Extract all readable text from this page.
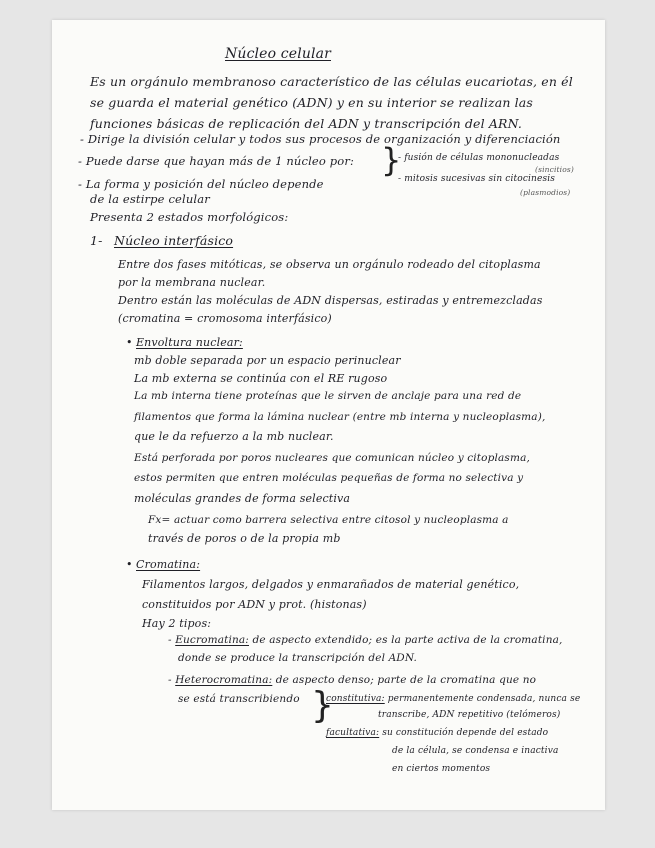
Núcleo celular
Es un orgánulo membranoso característico de las células eucariotas, en él
se guarda el material genético (ADN) y en su interior se realizan las
funciones básicas de replicación del ADN y transcripción del ARN.
- Dirige la división celular y todos sus procesos de organización y diferenciación
- Puede darse que hayan más de 1 núcleo por: }
- fusión de células mononucleadas
(sincitios)
- mitosis sucesivas sin citocinesis
(plasmodios)
- La forma y posición del núcleo depende
de la estirpe celular
Presenta 2 estados morfológicos:
1- Núcleo interfásico
Entre dos fases mitóticas, se observa un orgánulo rodeado del citoplasma
por la membrana nuclear.
Dentro están las moléculas de ADN dispersas, estiradas y entremezcladas
(cromatina = cromosoma interfásico)
• Envoltura nuclear:
mb doble separada por un espacio perinuclear
La mb externa se continúa con el RE rugoso
La mb interna tiene proteínas que le sirven de anclaje para una red de
filamentos que forma la lámina nuclear (entre mb interna y nucleoplasma),
que le da refuerzo a la mb nuclear.
Está perforada por poros nucleares que comunican núcleo y citoplasma,
estos permiten que entren moléculas pequeñas de forma no selectiva y
moléculas grandes de forma selectiva
Fx= actuar como barrera selectiva entre citosol y nucleoplasma a
través de poros o de la propia mb
• Cromatina:
Filamentos largos, delgados y enmarañados de material genético,
constituidos por ADN y prot. (histonas)
Hay 2 tipos:
- Eucromatina: de aspecto extendido; es la parte activa de la cromatina,
donde se produce la transcripción del ADN.
- Heterocromatina: de aspecto denso; parte de la cromatina que no
se está transcribiendo }
constitutiva: permanentemente condensada, nunca se
transcribe, ADN repetitivo (telómeros)
facultativa: su constitución depende del estado
de la célula, se condensa e inactiva
en ciertos momentos
